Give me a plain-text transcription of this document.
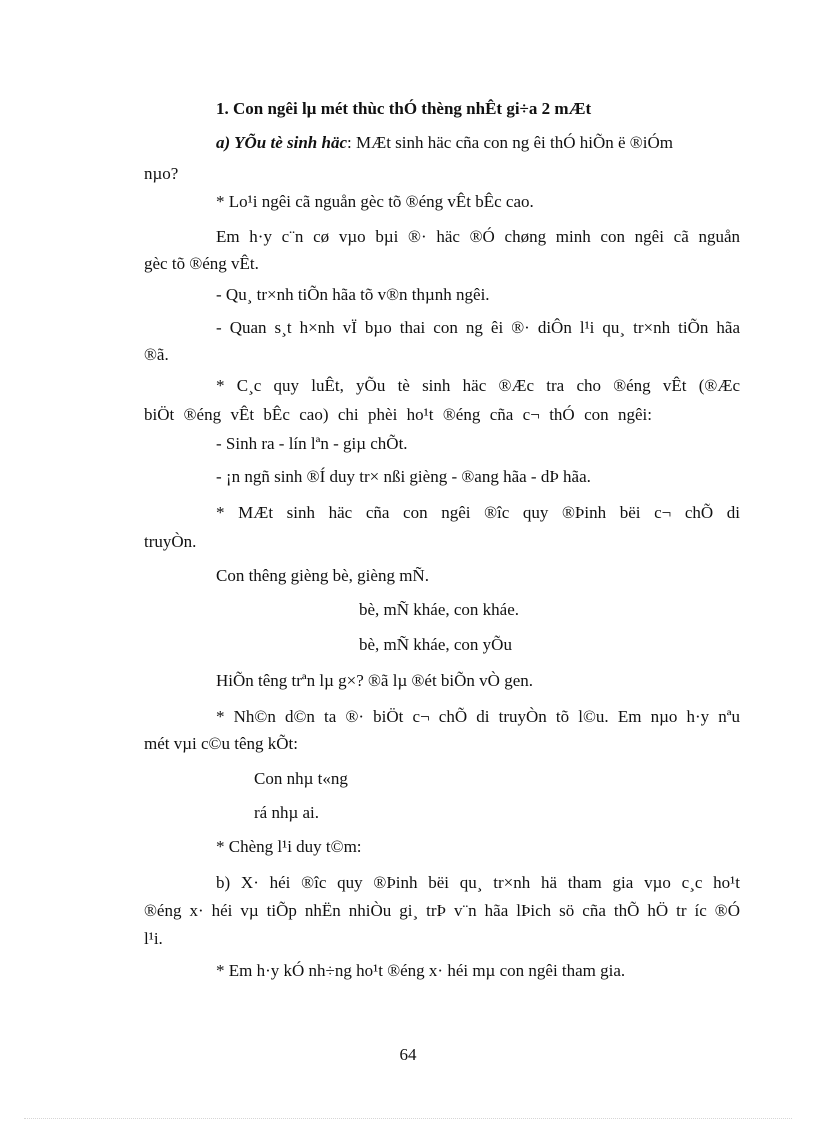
1. Con ngêi lµ mét thùc thÓ thèng nhÊt gi÷a 2 mÆt
a) YÕu tè sinh häc: MÆt sinh häc cña con ng êi thÓ hiÕn ë ®iÓm
nµo?
* Lo¹i ngêi cã nguån gèc tõ ®éng vÊt bÊc cao.
Em h·y c¨n cø vµo bµi ®· häc ®Ó chøng minh con ngêi cã nguån
gèc tõ ®éng vÊt.
- Qu¸ tr×nh tiÕn hãa tõ v®n thµnh ngêi.
- Quan s¸t h×nh vÏ bµo thai con ng êi ®· diÔn l¹i qu¸ tr×nh tiÕn hãa
®ã.
* C¸c quy luÊt, yÕu tè sinh häc ®Æc tra cho ®éng vÊt (®Æc
biÖt ®éng vÊt bÊc cao) chi phèi ho¹t ®éng cña c¬ thÓ con ngêi:
- Sinh ra - lín lªn - giµ chÕt.
- ¡n ngñ sinh ®Í duy tr× nßi gièng - ®ang hãa - dÞ hãa.
* MÆt sinh häc cña con ngêi ®îc quy ®Þinh bëi c¬ chÕ di
truyÒn.
Con thêng gièng bè, gièng mÑ.
bè, mÑ kháe, con kháe.
bè, mÑ kháe, con yÕu
HiÕn têng trªn lµ g×? ®ã lµ ®ét biÕn vÒ gen.
* Nh©n d©n ta ®· biÖt c¬ chÕ di truyÒn tõ l©u. Em nµo h·y nªu
mét vµi c©u têng kÕt:
Con nhµ t«ng
rá nhµ ai.
* Chèng l¹i duy t©m:
b) X· héi ®îc quy ®Þinh bëi qu¸ tr×nh hä tham gia vµo c¸c ho¹t
®éng x· héi vµ tiÕp nhËn nhiÒu gi¸ trÞ v¨n hãa lÞich sö cña thÕ hÖ tr íc ®Ó
l¹i.
* Em h·y kÓ nh÷ng ho¹t ®éng x· héi mµ con ngêi tham gia.
64
